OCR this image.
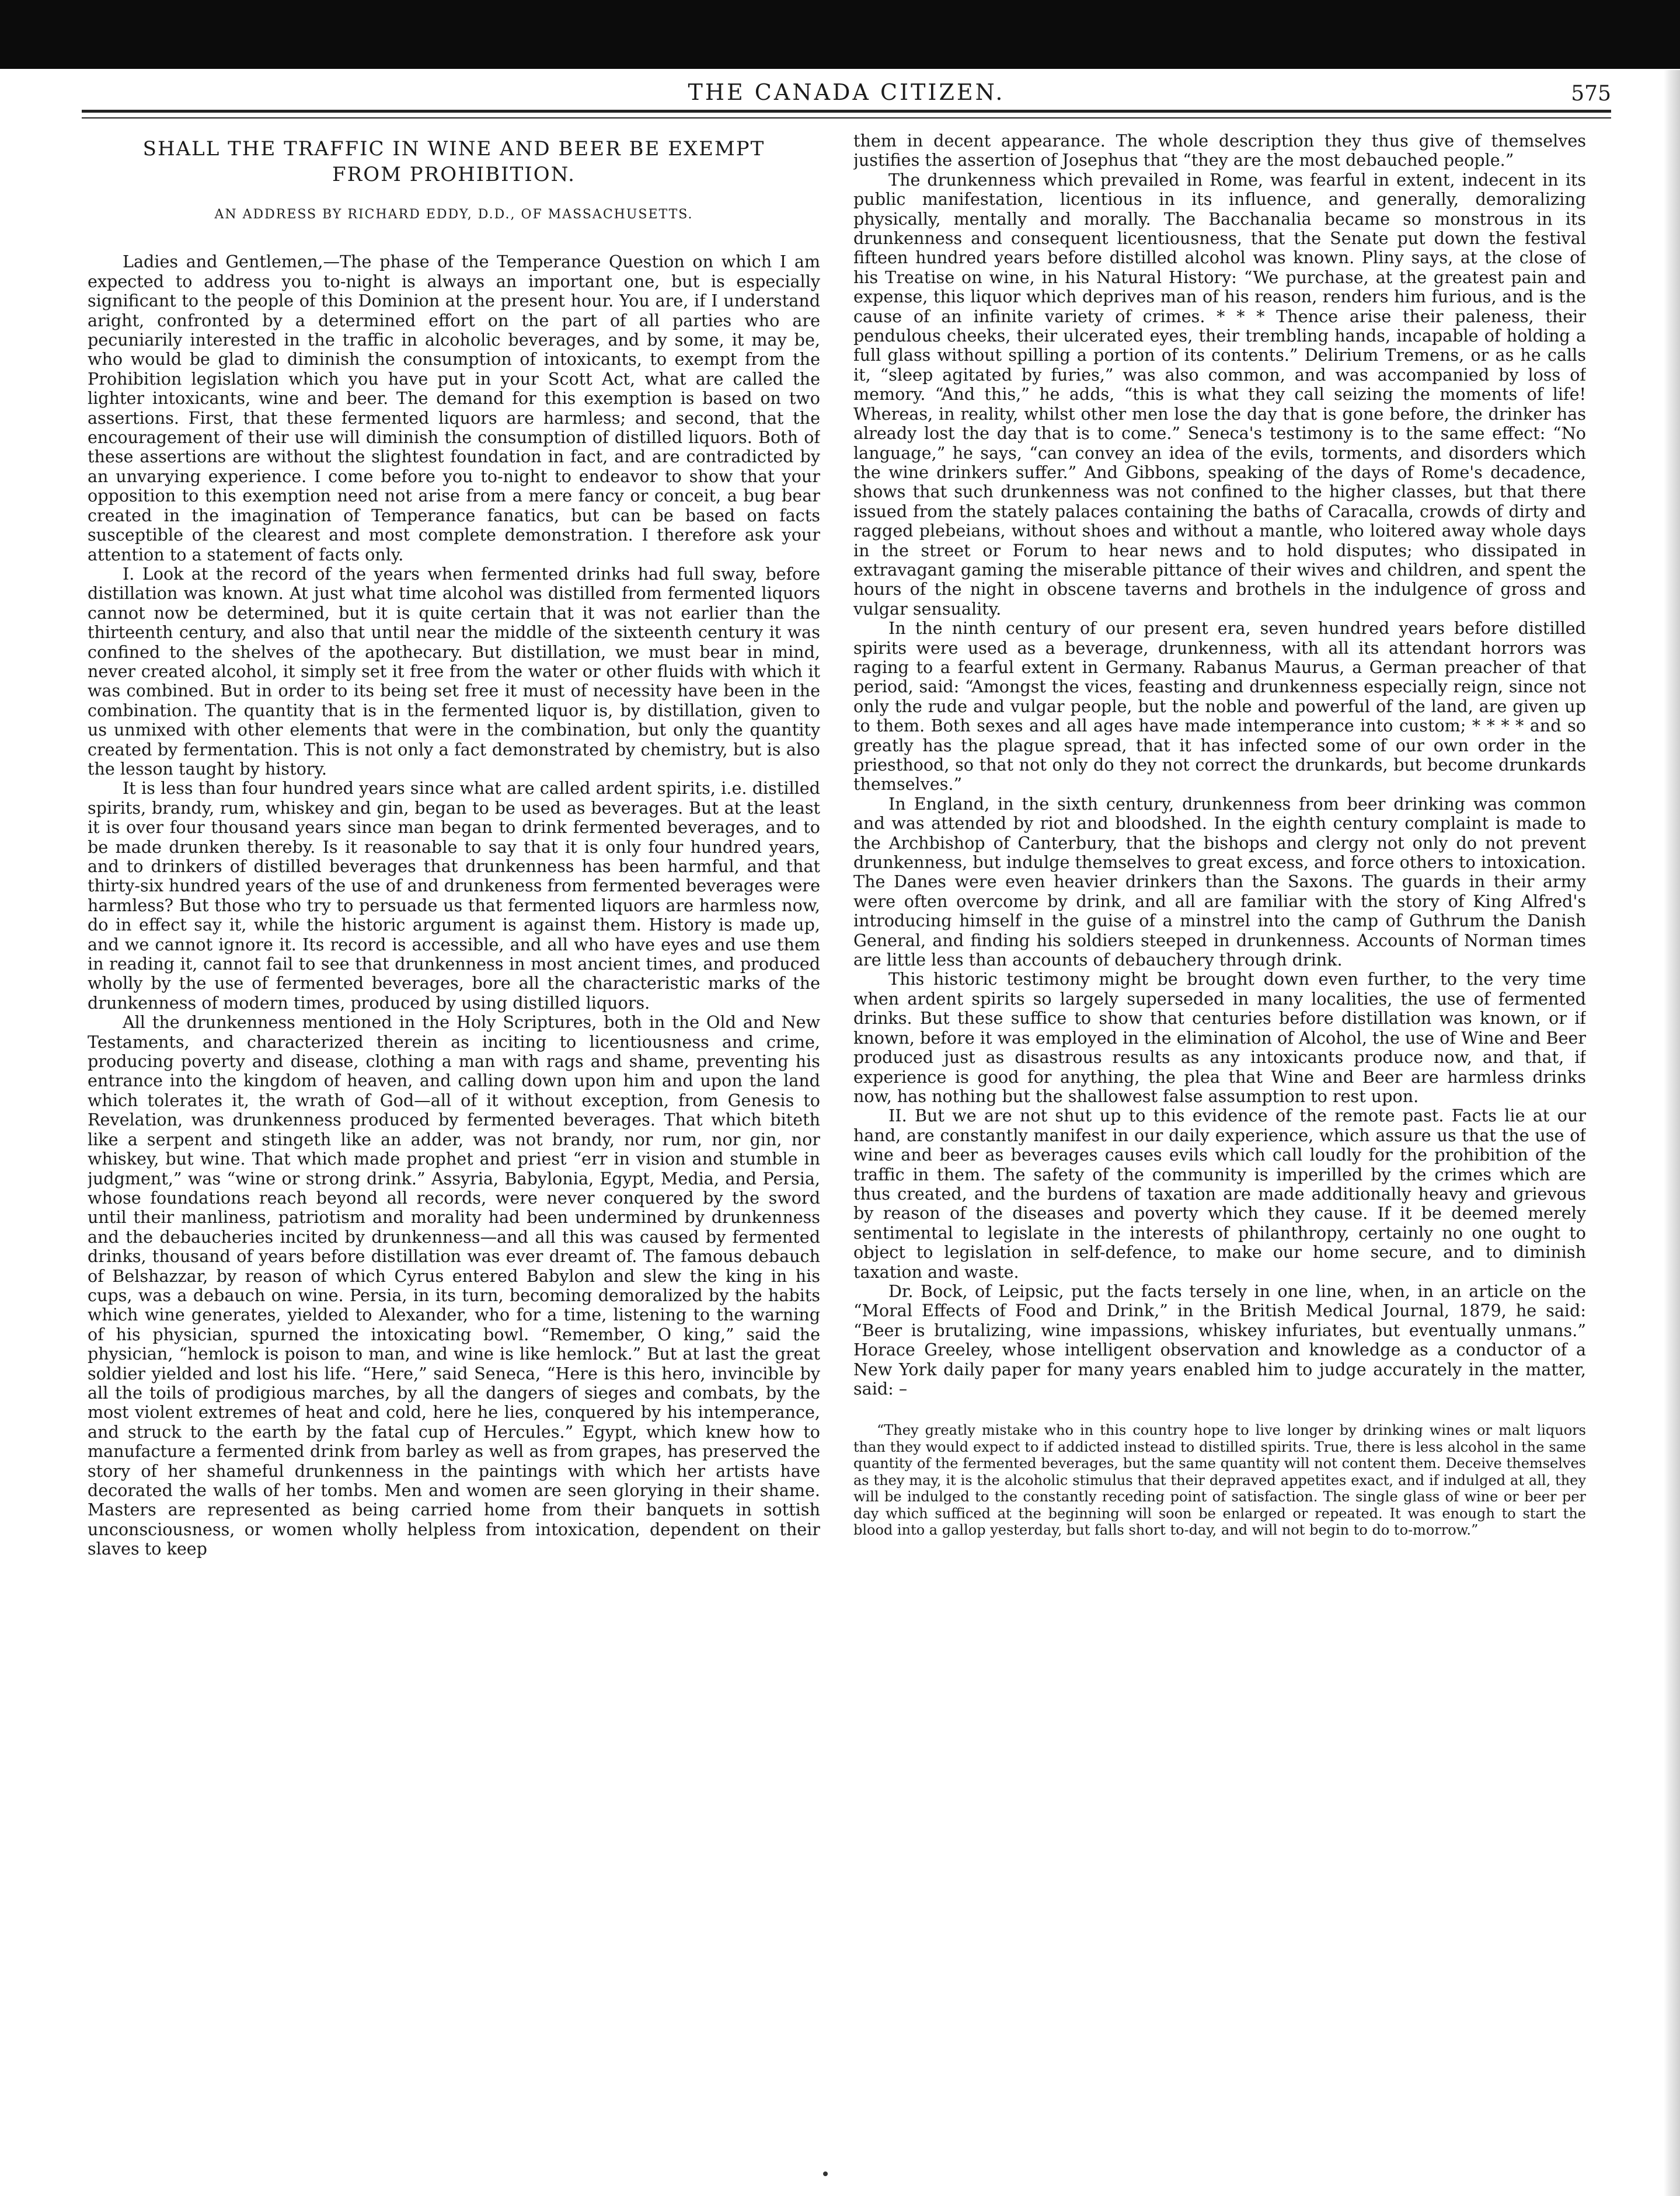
THE CANADA CITIZEN.	575
SHALL THE TRAFFIC IN WINE AND BEER BE EXEMPT FROM PROHIBITION.
AN ADDRESS BY RICHARD EDDY, D.D., OF MASSACHUSETTS.

Ladies and Gentlemen,—The phase of the Temperance Question on which I am expected to address you to-night is always an important one, but is especially significant to the people of this Dominion at the present hour. You are, if I understand aright, confronted by a determined effort on the part of all parties who are pecuniarily interested in the traffic in alcoholic beverages, and by some, it may be, who would be glad to diminish the consumption of intoxicants, to exempt from the Prohibition legislation which you have put in your Scott Act, what are called the lighter intoxicants, wine and beer. The demand for this exemption is based on two assertions. First, that these fermented liquors are harmless; and second, that the encouragement of their use will diminish the consumption of distilled liquors. Both of these assertions are without the slightest foundation in fact, and are contradicted by an unvarying experience. I come before you to-night to endeavor to show that your opposition to this exemption need not arise from a mere fancy or conceit, a bug bear created in the imagination of Temperance fanatics, but can be based on facts susceptible of the clearest and most complete demonstration. I therefore ask your attention to a statement of facts only.

I. Look at the record of the years when fermented drinks had full sway, before distillation was known. At just what time alcohol was distilled from fermented liquors cannot now be determined, but it is quite certain that it was not earlier than the thirteenth century, and also that until near the middle of the sixteenth century it was confined to the shelves of the apothecary. But distillation, we must bear in mind, never created alcohol, it simply set it free from the water or other fluids with which it was combined. But in order to its being set free it must of necessity have been in the combination. The quantity that is in the fermented liquor is, by distillation, given to us unmixed with other elements that were in the combination, but only the quantity created by fermentation. This is not only a fact demonstrated by chemistry, but is also the lesson taught by history.

It is less than four hundred years since what are called ardent spirits, i.e. distilled spirits, brandy, rum, whiskey and gin, began to be used as beverages. But at the least it is over four thousand years since man began to drink fermented beverages, and to be made drunken thereby. Is it reasonable to say that it is only four hundred years, and to drinkers of distilled beverages that drunkenness has been harmful, and that thirty-six hundred years of the use of and drunkeness from fermented beverages were harmless? But those who try to persuade us that fermented liquors are harmless now, do in effect say it, while the historic argument is against them. History is made up, and we cannot ignore it. Its record is accessible, and all who have eyes and use them in reading it, cannot fail to see that drunkenness in most ancient times, and produced wholly by the use of fermented beverages, bore all the characteristic marks of the drunkenness of modern times, produced by using distilled liquors.

All the drunkenness mentioned in the Holy Scriptures, both in the Old and New Testaments, and characterized therein as inciting to licentiousness and crime, producing poverty and disease, clothing a man with rags and shame, preventing his entrance into the kingdom of heaven, and calling down upon him and upon the land which tolerates it, the wrath of God—all of it without exception, from Genesis to Revelation, was drunkenness produced by fermented beverages. That which biteth like a serpent and stingeth like an adder, was not brandy, nor rum, nor gin, nor whiskey, but wine. That which made prophet and priest “err in vision and stumble in judgment,” was “wine or strong drink.” Assyria, Babylonia, Egypt, Media, and Persia, whose foundations reach beyond all records, were never conquered by the sword until their manliness, patriotism and morality had been undermined by drunkenness and the debaucheries incited by drunkenness—and all this was caused by fermented drinks, thousand of years before distillation was ever dreamt of. The famous debauch of Belshazzar, by reason of which Cyrus entered Babylon and slew the king in his cups, was a debauch on wine. Persia, in its turn, becoming demoralized by the habits which wine generates, yielded to Alexander, who for a time, listening to the warning of his physician, spurned the intoxicating bowl. “Remember, O king,” said the physician, “hemlock is poison to man, and wine is like hemlock.” But at last the great soldier yielded and lost his life. “Here,” said Seneca, “Here is this hero, invincible by all the toils of prodigious marches, by all the dangers of sieges and combats, by the most violent extremes of heat and cold, here he lies, conquered by his intemperance, and struck to the earth by the fatal cup of Hercules.” Egypt, which knew how to manufacture a fermented drink from barley as well as from grapes, has preserved the story of her shameful drunkenness in the paintings with which her artists have decorated the walls of her tombs. Men and women are seen glorying in their shame. Masters are represented as being carried home from their banquets in sottish unconsciousness, or women wholly helpless from intoxication, dependent on their slaves to keep

them in decent appearance. The whole description they thus give of themselves justifies the assertion of Josephus that “they are the most debauched people.”

The drunkenness which prevailed in Rome, was fearful in extent, indecent in its public manifestation, licentious in its influence, and generally, demoralizing physically, mentally and morally. The Bacchanalia became so monstrous in its drunkenness and consequent licentiousness, that the Senate put down the festival fifteen hundred years before distilled alcohol was known. Pliny says, at the close of his Treatise on wine, in his Natural History: “We purchase, at the greatest pain and expense, this liquor which deprives man of his reason, renders him furious, and is the cause of an infinite variety of crimes. * * * Thence arise their paleness, their pendulous cheeks, their ulcerated eyes, their trembling hands, incapable of holding a full glass without spilling a portion of its contents.” Delirium Tremens, or as he calls it, “sleep agitated by furies,” was also common, and was accompanied by loss of memory. “And this,” he adds, “this is what they call seizing the moments of life! Whereas, in reality, whilst other men lose the day that is gone before, the drinker has already lost the day that is to come.” Seneca's testimony is to the same effect: “No language,” he says, “can convey an idea of the evils, torments, and disorders which the wine drinkers suffer.” And Gibbons, speaking of the days of Rome's decadence, shows that such drunkenness was not confined to the higher classes, but that there issued from the stately palaces containing the baths of Caracalla, crowds of dirty and ragged plebeians, without shoes and without a mantle, who loitered away whole days in the street or Forum to hear news and to hold disputes; who dissipated in extravagant gaming the miserable pittance of their wives and children, and spent the hours of the night in obscene taverns and brothels in the indulgence of gross and vulgar sensuality.

In the ninth century of our present era, seven hundred years before distilled spirits were used as a beverage, drunkenness, with all its attendant horrors was raging to a fearful extent in Germany. Rabanus Maurus, a German preacher of that period, said: “Amongst the vices, feasting and drunkenness especially reign, since not only the rude and vulgar people, but the noble and powerful of the land, are given up to them. Both sexes and all ages have made intemperance into custom; * * * * and so greatly has the plague spread, that it has infected some of our own order in the priesthood, so that not only do they not correct the drunkards, but become drunkards themselves.”

In England, in the sixth century, drunkenness from beer drinking was common and was attended by riot and bloodshed. In the eighth century complaint is made to the Archbishop of Canterbury, that the bishops and clergy not only do not prevent drunkenness, but indulge themselves to great excess, and force others to intoxication. The Danes were even heavier drinkers than the Saxons. The guards in their army were often overcome by drink, and all are familiar with the story of King Alfred's introducing himself in the guise of a minstrel into the camp of Guthrum the Danish General, and finding his soldiers steeped in drunkenness. Accounts of Norman times are little less than accounts of debauchery through drink.

This historic testimony might be brought down even further, to the very time when ardent spirits so largely superseded in many localities, the use of fermented drinks. But these suffice to show that centuries before distillation was known, or if known, before it was employed in the elimination of Alcohol, the use of Wine and Beer produced just as disastrous results as any intoxicants produce now, and that, if experience is good for anything, the plea that Wine and Beer are harmless drinks now, has nothing but the shallowest false assumption to rest upon.

II. But we are not shut up to this evidence of the remote past. Facts lie at our hand, are constantly manifest in our daily experience, which assure us that the use of wine and beer as beverages causes evils which call loudly for the prohibition of the traffic in them. The safety of the community is imperilled by the crimes which are thus created, and the burdens of taxation are made additionally heavy and grievous by reason of the diseases and poverty which they cause. If it be deemed merely sentimental to legislate in the interests of philanthropy, certainly no one ought to object to legislation in self-defence, to make our home secure, and to diminish taxation and waste.

Dr. Bock, of Leipsic, put the facts tersely in one line, when, in an article on the “Moral Effects of Food and Drink,” in the British Medical Journal, 1879, he said: “Beer is brutalizing, wine impassions, whiskey infuriates, but eventually unmans.” Horace Greeley, whose intelligent observation and knowledge as a conductor of a New York daily paper for many years enabled him to judge accurately in the matter, said: –

“They greatly mistake who in this country hope to live longer by drinking wines or malt liquors than they would expect to if addicted instead to distilled spirits. True, there is less alcohol in the same quantity of the fermented beverages, but the same quantity will not content them. Deceive themselves as they may, it is the alcoholic stimulus that their depraved appetites exact, and if indulged at all, they will be indulged to the constantly receding point of satisfaction. The single glass of wine or beer per day which sufficed at the beginning will soon be enlarged or repeated. It was enough to start the blood into a gallop yesterday, but falls short to-day, and will not begin to do to-morrow.”
